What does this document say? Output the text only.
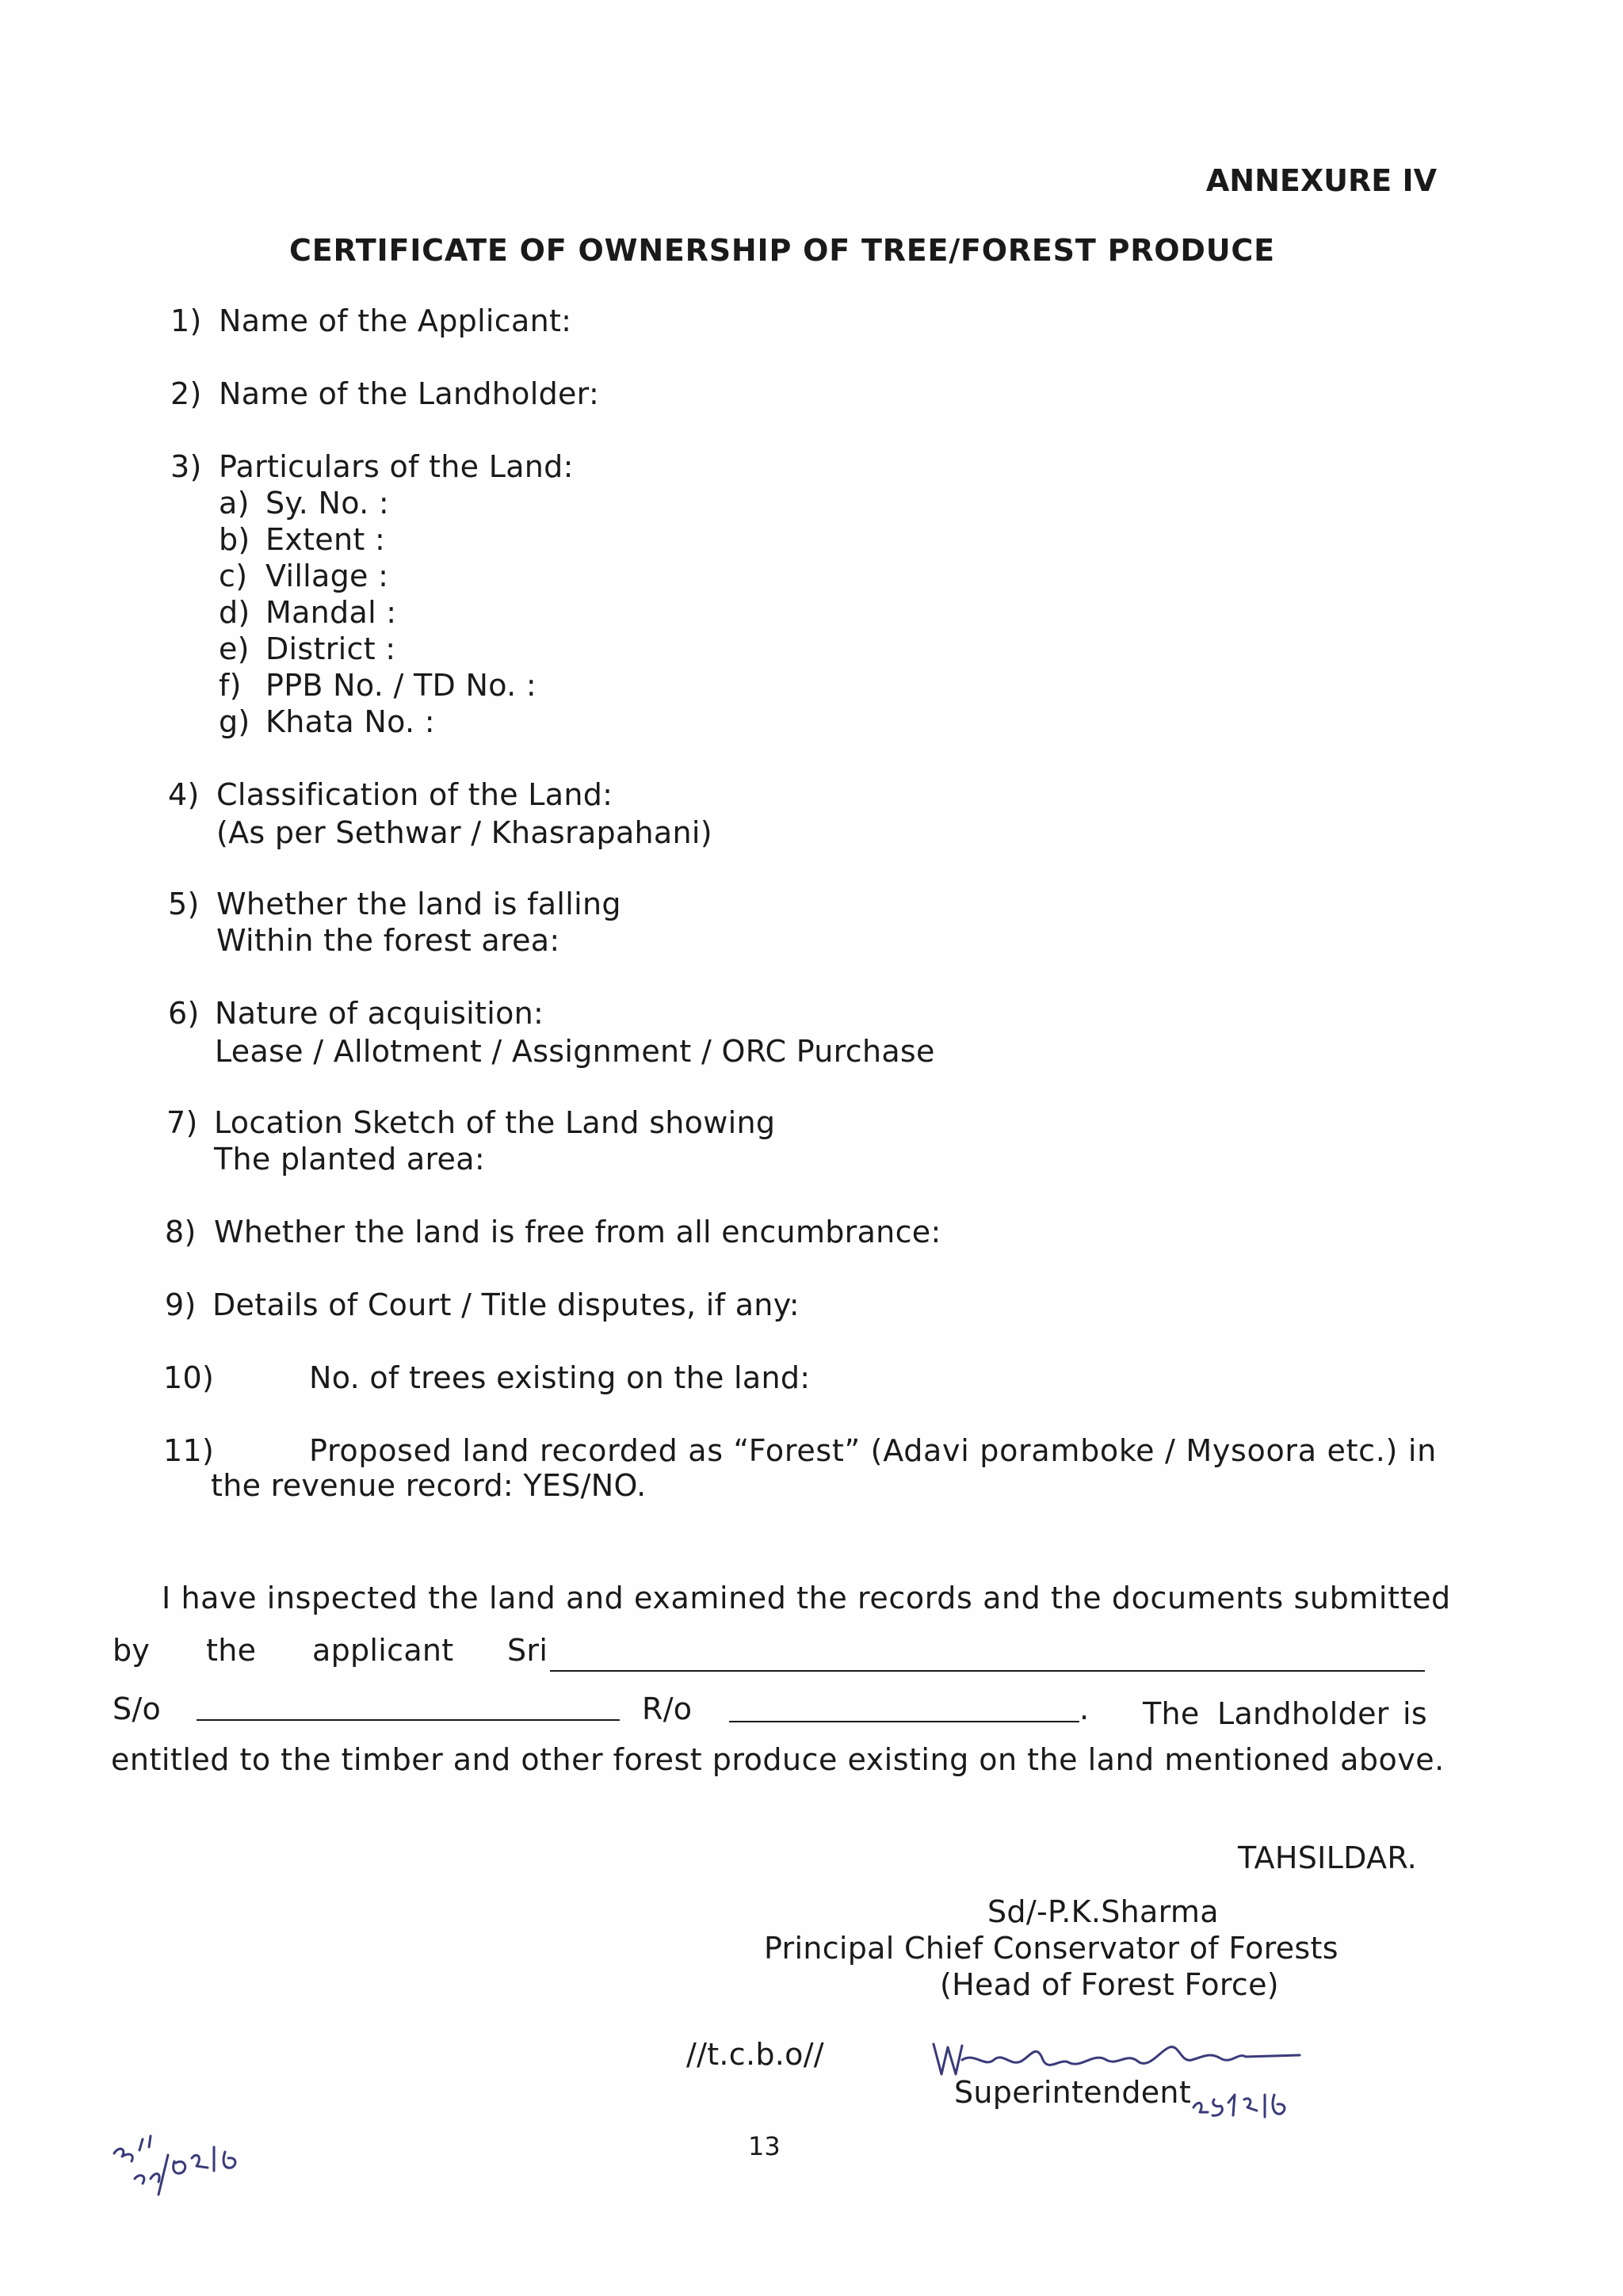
ANNEXURE IV
CERTIFICATE OF OWNERSHIP OF TREE/FOREST PRODUCE
1) Name of the Applicant:
2) Name of the Landholder:
3) Particulars of the Land:
a) Sy. No. :
b) Extent :
c) Village :
d) Mandal :
e) District :
f) PPB No. / TD No. :
g) Khata No. :
4) Classification of the Land:
(As per Sethwar / Khasrapahani)
5) Whether the land is falling
Within the forest area:
6) Nature of acquisition:
Lease / Allotment / Assignment / ORC Purchase
7) Location Sketch of the Land showing
The planted area:
8) Whether the land is free from all encumbrance:
9) Details of Court / Title disputes, if any:
10)	No. of trees existing on the land:
11)	Proposed land recorded as “Forest” (Adavi poramboke / Mysoora etc.) in
the revenue record: YES/NO.
I have inspected the land and examined the records and the documents submitted
by the applicant Sri
S/o	R/o	. The Landholder is
entitled to the timber and other forest produce existing on the land mentioned above.
TAHSILDAR.
Sd/-P.K.Sharma
Principal Chief Conservator of Forests
(Head of Forest Force)
//t.c.b.o//
Superintendent
13
